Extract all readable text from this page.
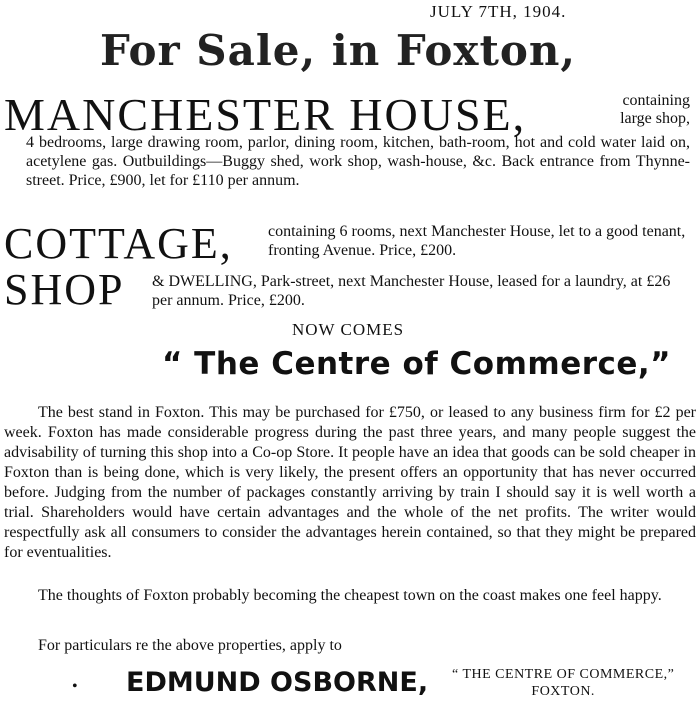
JULY 7TH, 1904.
For Sale, in Foxton,
MANCHESTER HOUSE,	containing
large shop,
4 bedrooms, large drawing room, parlor, dining room, kitchen, bath-room, hot and cold water laid on, acetylene gas. Outbuildings—Buggy shed, work shop, wash-house, &c. Back entrance from Thynne-street. Price, £900, let for £110 per annum.
COTTAGE, containing 6 rooms, next Manchester House, let to a good tenant, fronting Avenue. Price, £200.
SHOP & DWELLING, Park-street, next Manchester House, leased for a laundry, at £26 per annum. Price, £200.
NOW COMES
“ The Centre of Commerce,”
The best stand in Foxton. This may be purchased for £750, or leased to any business firm for £2 per week. Foxton has made considerable progress during the past three years, and many people suggest the advisability of turning this shop into a Co-op Store. It people have an idea that goods can be sold cheaper in Foxton than is being done, which is very likely, the present offers an opportunity that has never occurred before. Judging from the number of packages constantly arriving by train I should say it is well worth a trial. Shareholders would have certain advantages and the whole of the net profits. The writer would respectfully ask all consumers to consider the advantages herein contained, so that they might be prepared for eventualities.
The thoughts of Foxton probably becoming the cheapest town on the coast makes one feel happy.
For particulars re the above properties, apply to
• EDMUND OSBORNE, “ THE CENTRE OF COMMERCE,”
FOXTON.
